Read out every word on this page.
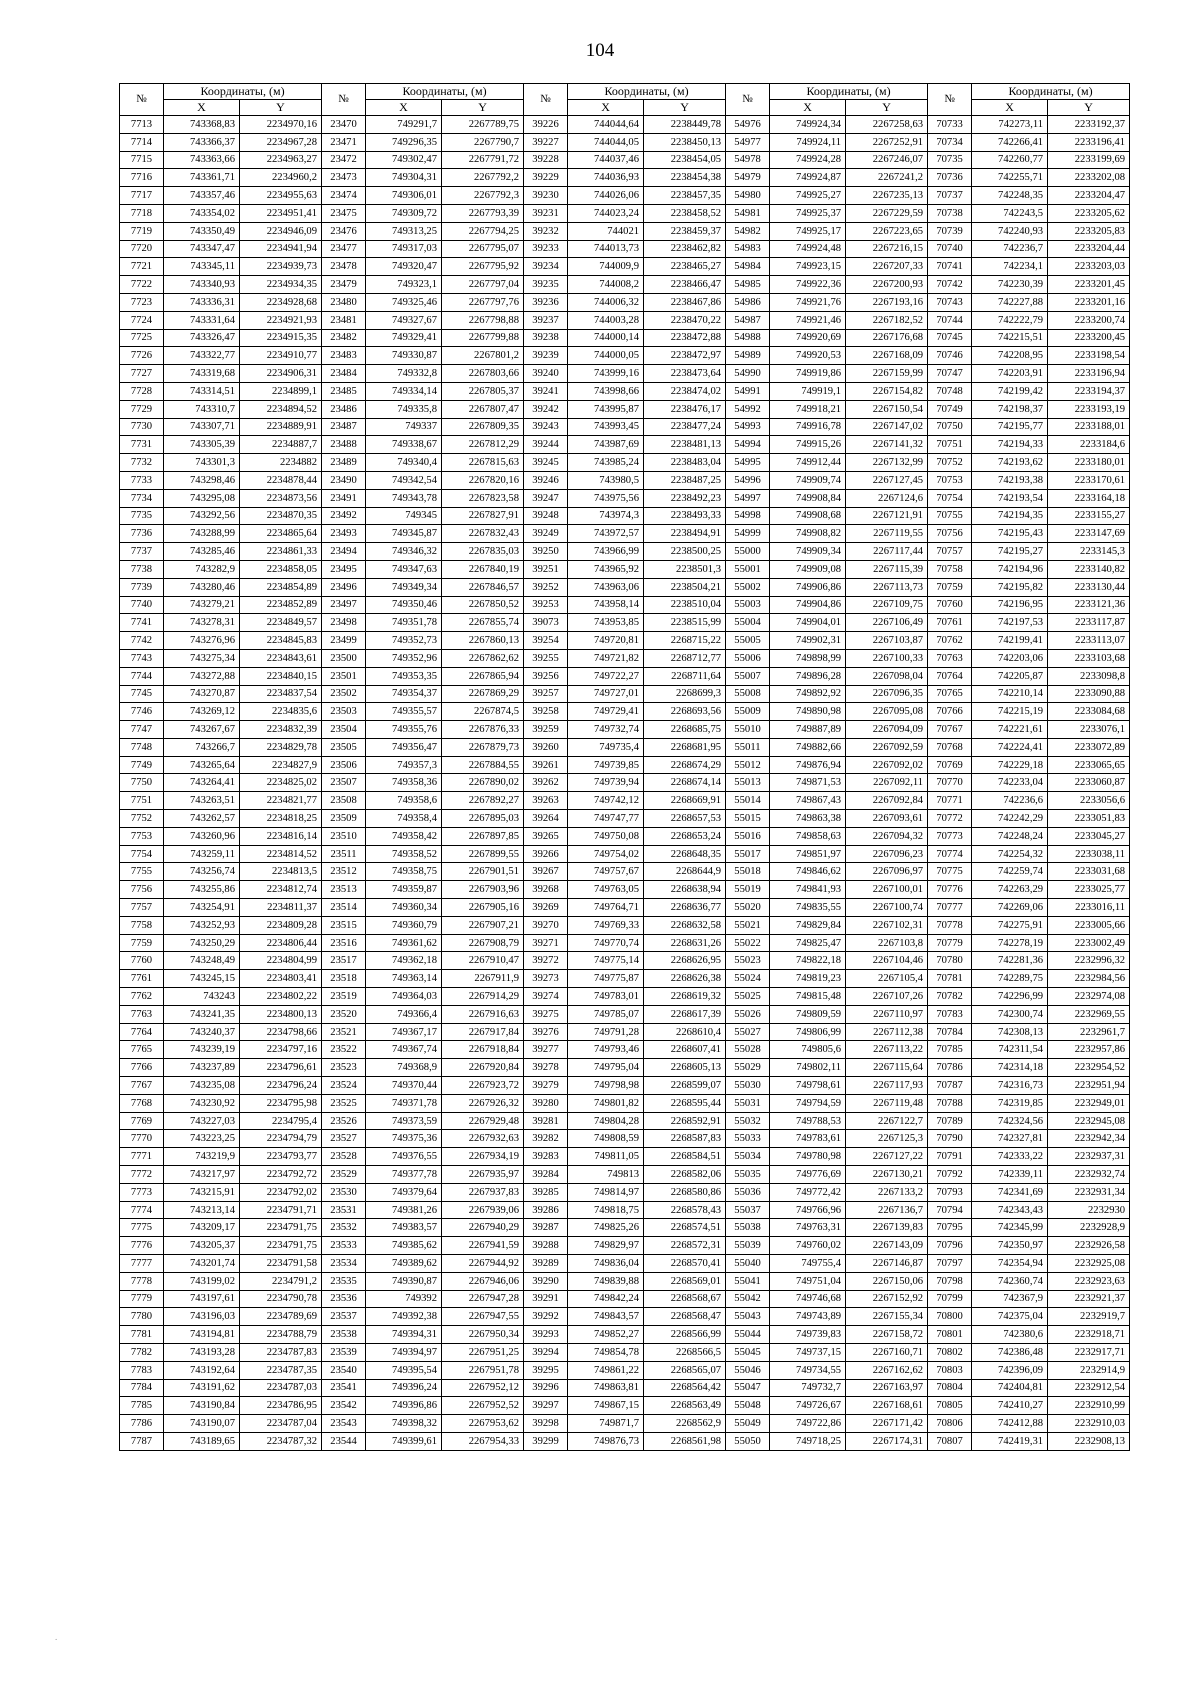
104
№	Координаты, (м)		№	Координаты, (м)		№	Координаты, (м)		№	Координаты, (м)		№	Координаты, (м)	
	X	Y		X	Y		X	Y		X	Y		X	Y
7713	743368,83	2234970,16	23470	749291,7	2267789,75	39226	744044,64	2238449,78	54976	749924,34	2267258,63	70733	742273,11	2233192,37
7714	743366,37	2234967,28	23471	749296,35	2267790,7	39227	744044,05	2238450,13	54977	749924,11	2267252,91	70734	742266,41	2233196,41
7715	743363,66	2234963,27	23472	749302,47	2267791,72	39228	744037,46	2238454,05	54978	749924,28	2267246,07	70735	742260,77	2233199,69
7716	743361,71	2234960,2	23473	749304,31	2267792,2	39229	744036,93	2238454,38	54979	749924,87	2267241,2	70736	742255,71	2233202,08
7717	743357,46	2234955,63	23474	749306,01	2267792,3	39230	744026,06	2238457,35	54980	749925,27	2267235,13	70737	742248,35	2233204,47
7718	743354,02	2234951,41	23475	749309,72	2267793,39	39231	744023,24	2238458,52	54981	749925,37	2267229,59	70738	742243,5	2233205,62
7719	743350,49	2234946,09	23476	749313,25	2267794,25	39232	744021	2238459,37	54982	749925,17	2267223,65	70739	742240,93	2233205,83
7720	743347,47	2234941,94	23477	749317,03	2267795,07	39233	744013,73	2238462,82	54983	749924,48	2267216,15	70740	742236,7	2233204,44
7721	743345,11	2234939,73	23478	749320,47	2267795,92	39234	744009,9	2238465,27	54984	749923,15	2267207,33	70741	742234,1	2233203,03
7722	743340,93	2234934,35	23479	749323,1	2267797,04	39235	744008,2	2238466,47	54985	749922,36	2267200,93	70742	742230,39	2233201,45
7723	743336,31	2234928,68	23480	749325,46	2267797,76	39236	744006,32	2238467,86	54986	749921,76	2267193,16	70743	742227,88	2233201,16
7724	743331,64	2234921,93	23481	749327,67	2267798,88	39237	744003,28	2238470,22	54987	749921,46	2267182,52	70744	742222,79	2233200,74
7725	743326,47	2234915,35	23482	749329,41	2267799,88	39238	744000,14	2238472,88	54988	749920,69	2267176,68	70745	742215,51	2233200,45
7726	743322,77	2234910,77	23483	749330,87	2267801,2	39239	744000,05	2238472,97	54989	749920,53	2267168,09	70746	742208,95	2233198,54
7727	743319,68	2234906,31	23484	749332,8	2267803,66	39240	743999,16	2238473,64	54990	749919,86	2267159,99	70747	742203,91	2233196,94
7728	743314,51	2234899,1	23485	749334,14	2267805,37	39241	743998,66	2238474,02	54991	749919,1	2267154,82	70748	742199,42	2233194,37
7729	743310,7	2234894,52	23486	749335,8	2267807,47	39242	743995,87	2238476,17	54992	749918,21	2267150,54	70749	742198,37	2233193,19
7730	743307,71	2234889,91	23487	749337	2267809,35	39243	743993,45	2238477,24	54993	749916,78	2267147,02	70750	742195,77	2233188,01
7731	743305,39	2234887,7	23488	749338,67	2267812,29	39244	743987,69	2238481,13	54994	749915,26	2267141,32	70751	742194,33	2233184,6
7732	743301,3	2234882	23489	749340,4	2267815,63	39245	743985,24	2238483,04	54995	749912,44	2267132,99	70752	742193,62	2233180,01
7733	743298,46	2234878,44	23490	749342,54	2267820,16	39246	743980,5	2238487,25	54996	749909,74	2267127,45	70753	742193,38	2233170,61
7734	743295,08	2234873,56	23491	749343,78	2267823,58	39247	743975,56	2238492,23	54997	749908,84	2267124,6	70754	742193,54	2233164,18
7735	743292,56	2234870,35	23492	749345	2267827,91	39248	743974,3	2238493,33	54998	749908,68	2267121,91	70755	742194,35	2233155,27
7736	743288,99	2234865,64	23493	749345,87	2267832,43	39249	743972,57	2238494,91	54999	749908,82	2267119,55	70756	742195,43	2233147,69
7737	743285,46	2234861,33	23494	749346,32	2267835,03	39250	743966,99	2238500,25	55000	749909,34	2267117,44	70757	742195,27	2233145,3
7738	743282,9	2234858,05	23495	749347,63	2267840,19	39251	743965,92	2238501,3	55001	749909,08	2267115,39	70758	742194,96	2233140,82
7739	743280,46	2234854,89	23496	749349,34	2267846,57	39252	743963,06	2238504,21	55002	749906,86	2267113,73	70759	742195,82	2233130,44
7740	743279,21	2234852,89	23497	749350,46	2267850,52	39253	743958,14	2238510,04	55003	749904,86	2267109,75	70760	742196,95	2233121,36
7741	743278,31	2234849,57	23498	749351,78	2267855,74	39073	743953,85	2238515,99	55004	749904,01	2267106,49	70761	742197,53	2233117,87
7742	743276,96	2234845,83	23499	749352,73	2267860,13	39254	749720,81	2268715,22	55005	749902,31	2267103,87	70762	742199,41	2233113,07
7743	743275,34	2234843,61	23500	749352,96	2267862,62	39255	749721,82	2268712,77	55006	749898,99	2267100,33	70763	742203,06	2233103,68
7744	743272,88	2234840,15	23501	749353,35	2267865,94	39256	749722,27	2268711,64	55007	749896,28	2267098,04	70764	742205,87	2233098,8
7745	743270,87	2234837,54	23502	749354,37	2267869,29	39257	749727,01	2268699,3	55008	749892,92	2267096,35	70765	742210,14	2233090,88
7746	743269,12	2234835,6	23503	749355,57	2267874,5	39258	749729,41	2268693,56	55009	749890,98	2267095,08	70766	742215,19	2233084,68
7747	743267,67	2234832,39	23504	749355,76	2267876,33	39259	749732,74	2268685,75	55010	749887,89	2267094,09	70767	742221,61	2233076,1
7748	743266,7	2234829,78	23505	749356,47	2267879,73	39260	749735,4	2268681,95	55011	749882,66	2267092,59	70768	742224,41	2233072,89
7749	743265,64	2234827,9	23506	749357,3	2267884,55	39261	749739,85	2268674,29	55012	749876,94	2267092,02	70769	742229,18	2233065,65
7750	743264,41	2234825,02	23507	749358,36	2267890,02	39262	749739,94	2268674,14	55013	749871,53	2267092,11	70770	742233,04	2233060,87
7751	743263,51	2234821,77	23508	749358,6	2267892,27	39263	749742,12	2268669,91	55014	749867,43	2267092,84	70771	742236,6	2233056,6
7752	743262,57	2234818,25	23509	749358,4	2267895,03	39264	749747,77	2268657,53	55015	749863,38	2267093,61	70772	742242,29	2233051,83
7753	743260,96	2234816,14	23510	749358,42	2267897,85	39265	749750,08	2268653,24	55016	749858,63	2267094,32	70773	742248,24	2233045,27
7754	743259,11	2234814,52	23511	749358,52	2267899,55	39266	749754,02	2268648,35	55017	749851,97	2267096,23	70774	742254,32	2233038,11
7755	743256,74	2234813,5	23512	749358,75	2267901,51	39267	749757,67	2268644,9	55018	749846,62	2267096,97	70775	742259,74	2233031,68
7756	743255,86	2234812,74	23513	749359,87	2267903,96	39268	749763,05	2268638,94	55019	749841,93	2267100,01	70776	742263,29	2233025,77
7757	743254,91	2234811,37	23514	749360,34	2267905,16	39269	749764,71	2268636,77	55020	749835,55	2267100,74	70777	742269,06	2233016,11
7758	743252,93	2234809,28	23515	749360,79	2267907,21	39270	749769,33	2268632,58	55021	749829,84	2267102,31	70778	742275,91	2233005,66
7759	743250,29	2234806,44	23516	749361,62	2267908,79	39271	749770,74	2268631,26	55022	749825,47	2267103,8	70779	742278,19	2233002,49
7760	743248,49	2234804,99	23517	749362,18	2267910,47	39272	749775,14	2268626,95	55023	749822,18	2267104,46	70780	742281,36	2232996,32
7761	743245,15	2234803,41	23518	749363,14	2267911,9	39273	749775,87	2268626,38	55024	749819,23	2267105,4	70781	742289,75	2232984,56
7762	743243	2234802,22	23519	749364,03	2267914,29	39274	749783,01	2268619,32	55025	749815,48	2267107,26	70782	742296,99	2232974,08
7763	743241,35	2234800,13	23520	749366,4	2267916,63	39275	749785,07	2268617,39	55026	749809,59	2267110,97	70783	742300,74	2232969,55
7764	743240,37	2234798,66	23521	749367,17	2267917,84	39276	749791,28	2268610,4	55027	749806,99	2267112,38	70784	742308,13	2232961,7
7765	743239,19	2234797,16	23522	749367,74	2267918,84	39277	749793,46	2268607,41	55028	749805,6	2267113,22	70785	742311,54	2232957,86
7766	743237,89	2234796,61	23523	749368,9	2267920,84	39278	749795,04	2268605,13	55029	749802,11	2267115,64	70786	742314,18	2232954,52
7767	743235,08	2234796,24	23524	749370,44	2267923,72	39279	749798,98	2268599,07	55030	749798,61	2267117,93	70787	742316,73	2232951,94
7768	743230,92	2234795,98	23525	749371,78	2267926,32	39280	749801,82	2268595,44	55031	749794,59	2267119,48	70788	742319,85	2232949,01
7769	743227,03	2234795,4	23526	749373,59	2267929,48	39281	749804,28	2268592,91	55032	749788,53	2267122,7	70789	742324,56	2232945,08
7770	743223,25	2234794,79	23527	749375,36	2267932,63	39282	749808,59	2268587,83	55033	749783,61	2267125,3	70790	742327,81	2232942,34
7771	743219,9	2234793,77	23528	749376,55	2267934,19	39283	749811,05	2268584,51	55034	749780,98	2267127,22	70791	742333,22	2232937,31
7772	743217,97	2234792,72	23529	749377,78	2267935,97	39284	749813	2268582,06	55035	749776,69	2267130,21	70792	742339,11	2232932,74
7773	743215,91	2234792,02	23530	749379,64	2267937,83	39285	749814,97	2268580,86	55036	749772,42	2267133,2	70793	742341,69	2232931,34
7774	743213,14	2234791,71	23531	749381,26	2267939,06	39286	749818,75	2268578,43	55037	749766,96	2267136,7	70794	742343,43	2232930
7775	743209,17	2234791,75	23532	749383,57	2267940,29	39287	749825,26	2268574,51	55038	749763,31	2267139,83	70795	742345,99	2232928,9
7776	743205,37	2234791,75	23533	749385,62	2267941,59	39288	749829,97	2268572,31	55039	749760,02	2267143,09	70796	742350,97	2232926,58
7777	743201,74	2234791,58	23534	749389,62	2267944,92	39289	749836,04	2268570,41	55040	749755,4	2267146,87	70797	742354,94	2232925,08
7778	743199,02	2234791,2	23535	749390,87	2267946,06	39290	749839,88	2268569,01	55041	749751,04	2267150,06	70798	742360,74	2232923,63
7779	743197,61	2234790,78	23536	749392	2267947,28	39291	749842,24	2268568,67	55042	749746,68	2267152,92	70799	742367,9	2232921,37
7780	743196,03	2234789,69	23537	749392,38	2267947,55	39292	749843,57	2268568,47	55043	749743,89	2267155,34	70800	742375,04	2232919,7
7781	743194,81	2234788,79	23538	749394,31	2267950,34	39293	749852,27	2268566,99	55044	749739,83	2267158,72	70801	742380,6	2232918,71
7782	743193,28	2234787,83	23539	749394,97	2267951,25	39294	749854,78	2268566,5	55045	749737,15	2267160,71	70802	742386,48	2232917,71
7783	743192,64	2234787,35	23540	749395,54	2267951,78	39295	749861,22	2268565,07	55046	749734,55	2267162,62	70803	742396,09	2232914,9
7784	743191,62	2234787,03	23541	749396,24	2267952,12	39296	749863,81	2268564,42	55047	749732,7	2267163,97	70804	742404,81	2232912,54
7785	743190,84	2234786,95	23542	749396,86	2267952,52	39297	749867,15	2268563,49	55048	749726,67	2267168,61	70805	742410,27	2232910,99
7786	743190,07	2234787,04	23543	749398,32	2267953,62	39298	749871,7	2268562,9	55049	749722,86	2267171,42	70806	742412,88	2232910,03
7787	743189,65	2234787,32	23544	749399,61	2267954,33	39299	749876,73	2268561,98	55050	749718,25	2267174,31	70807	742419,31	2232908,13
.
